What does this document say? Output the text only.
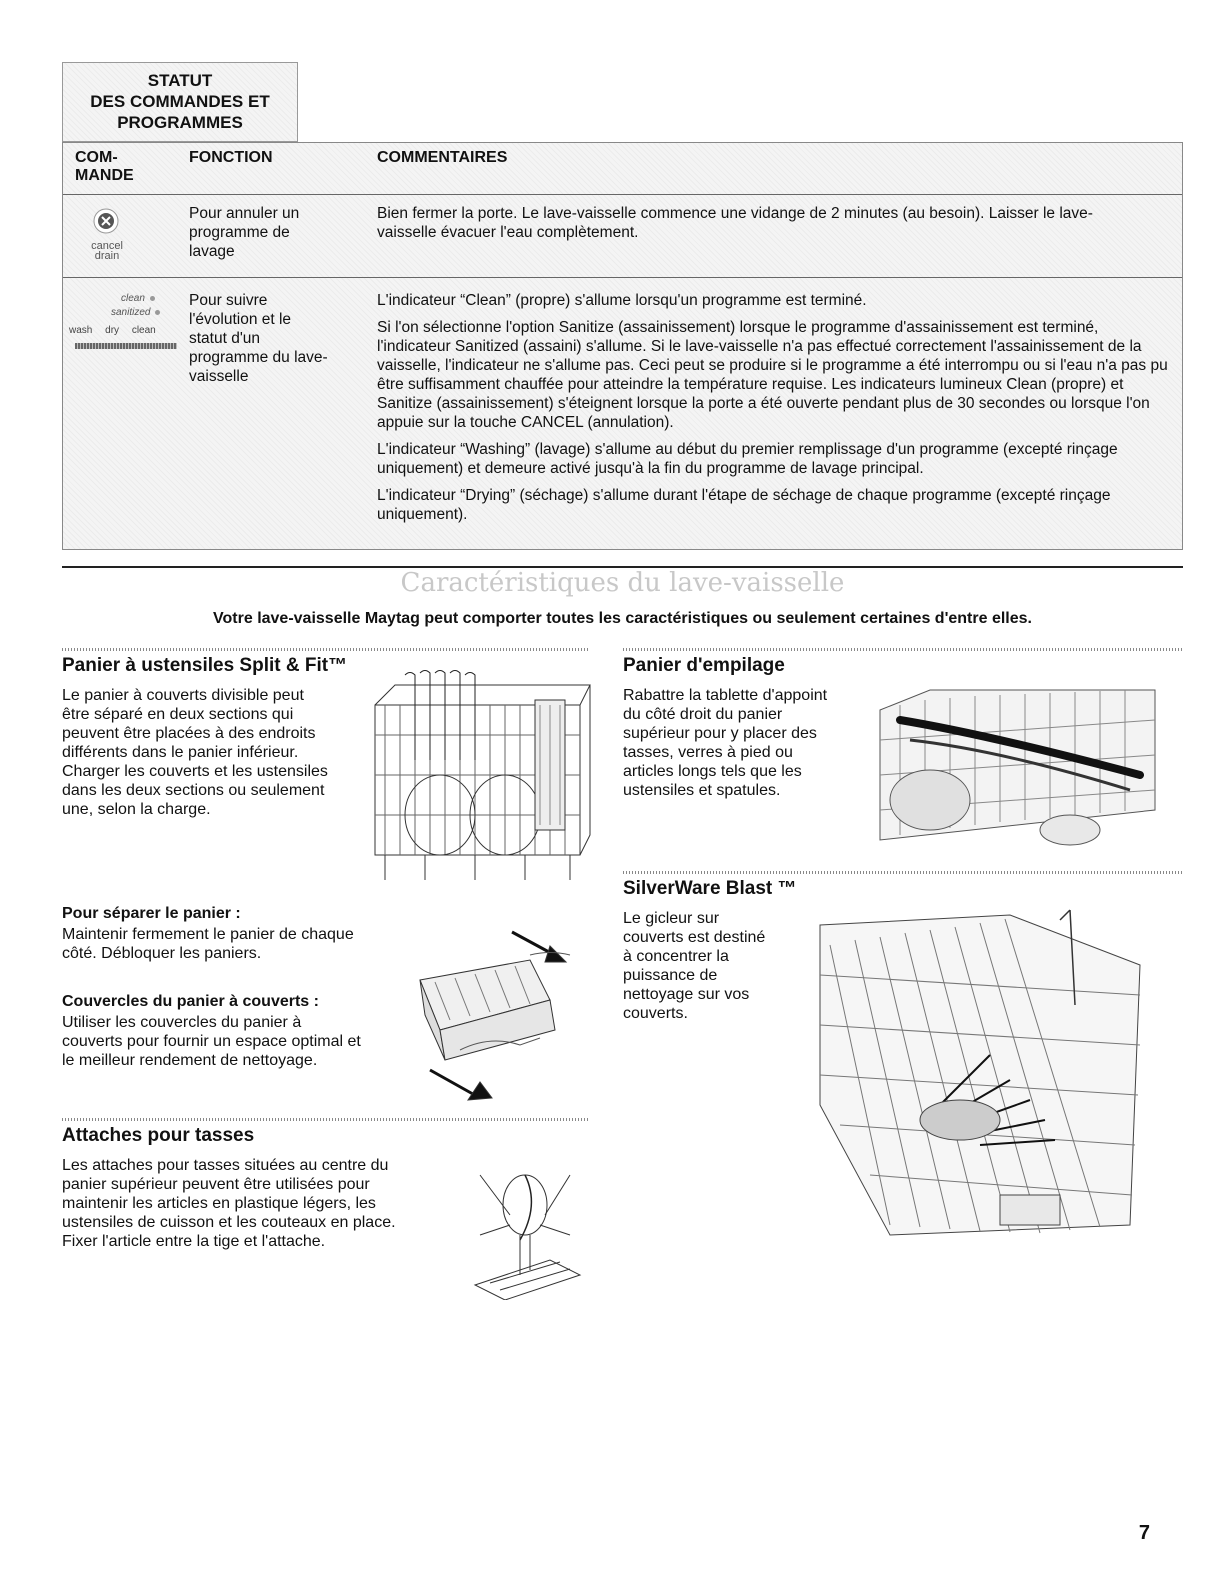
STATUT
DES COMMANDES ET
PROGRAMMES
COM-
MANDE
FONCTION	COMMENTAIRES
cancel
drain
Pour annuler un
programme de
lavage

Bien fermer la porte. Le lave-vaisselle commence une vidange de 2 minutes (au besoin). Laisser le lave-vaisselle évacuer l'eau complètement.

clean
sanitized
wash dry clean
Pour suivre
l'évolution et le
statut d'un
programme du lave-
vaisselle

L'indicateur “Clean” (propre) s'allume lorsqu'un programme est terminé.

Si l'on sélectionne l'option Sanitize (assainissement) lorsque le programme d'assainissement est terminé, l'indicateur Sanitized (assaini) s'allume. Si le lave-vaisselle n'a pas effectué correctement l'assainissement de la vaisselle, l'indicateur ne s'allume pas. Ceci peut se produire si le programme a été interrompu ou si l'eau n'a pas pu être suffisamment chauffée pour atteindre la température requise. Les indicateurs lumineux Clean (propre) et Sanitize (assainissement) s'éteignent lorsque la porte a été ouverte pendant plus de 30 secondes ou lorsque l'on appuie sur la touche CANCEL (annulation).

L'indicateur “Washing” (lavage) s'allume au début du premier remplissage d'un programme (excepté rinçage uniquement) et demeure activé jusqu'à la fin du programme de lavage principal.

L'indicateur “Drying” (séchage) s'allume durant l'étape de séchage de chaque programme (excepté rinçage uniquement).

Caractéristiques du lave-vaisselle
Votre lave-vaisselle Maytag peut comporter toutes les caractéristiques ou seulement certaines d'entre elles.
Panier à ustensiles Split & Fit™
Le panier à couverts divisible peut
être séparé en deux sections qui
peuvent être placées à des endroits
différents dans le panier inférieur.
Charger les couverts et les ustensiles
dans les deux sections ou seulement
une, selon la charge.
Pour séparer le panier :
Maintenir fermement le panier de chaque
côté. Débloquer les paniers.
Couvercles du panier à couverts :
Utiliser les couvercles du panier à
couverts pour fournir un espace optimal et
le meilleur rendement de nettoyage.
Attaches pour tasses
Les attaches pour tasses situées au centre du
panier supérieur peuvent être utilisées pour
maintenir les articles en plastique légers, les
ustensiles de cuisson et les couteaux en place.
Fixer l'article entre la tige et l'attache.
Panier d'empilage
Rabattre la tablette d'appoint
du côté droit du panier
supérieur pour y placer des
tasses, verres à pied ou
articles longs tels que les
ustensiles et spatules.
SilverWare Blast ™
Le gicleur sur
couverts est destiné
à concentrer la
puissance de
nettoyage sur vos
couverts.
7
